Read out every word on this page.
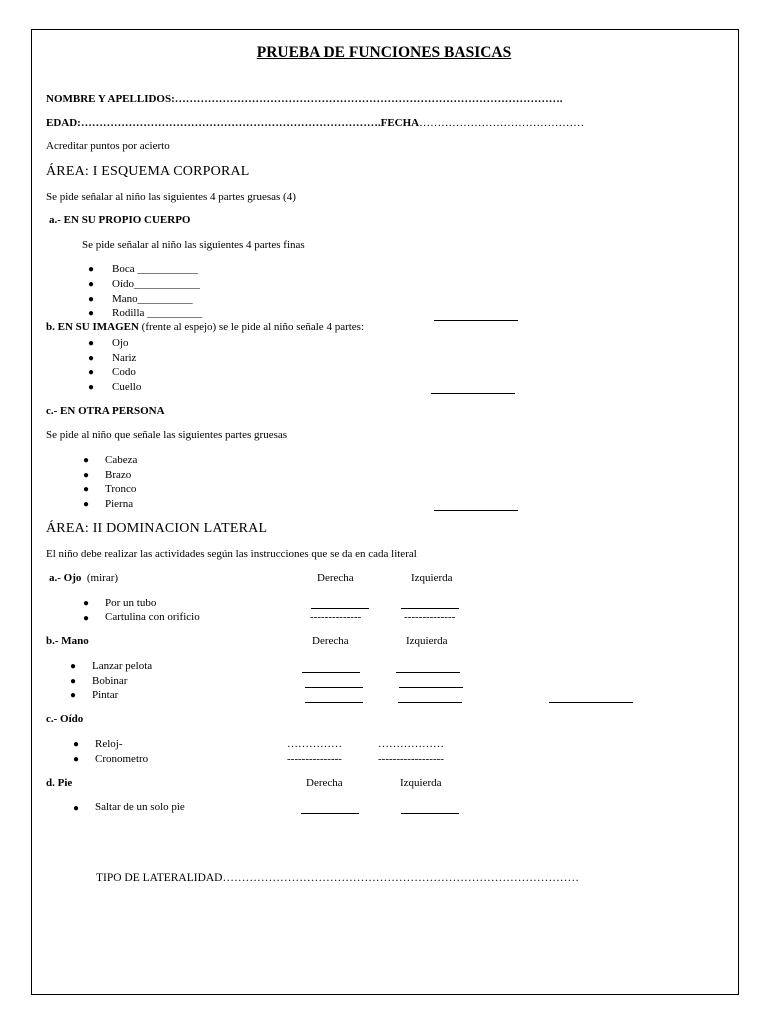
PRUEBA DE FUNCIONES BASICAS
NOMBRE Y APELLIDOS:…………………………………………………………………………………………….
EDAD:……………………………………………………………………….FECHA………………………………………
Acreditar puntos por acierto
ÁREA: I ESQUEMA CORPORAL
Se pide señalar al niño las siguientes 4 partes gruesas (4)
a.- EN SU PROPIO CUERPO
Se pide señalar al niño las siguientes 4 partes finas
● Boca ___________
● Oído____________
● Mano__________
● Rodilla __________
b. EN SU IMAGEN (frente al espejo) se le pide al niño señale 4 partes:
● Ojo
● Nariz
● Codo
● Cuello
c.- EN OTRA PERSONA
Se pide al niño que señale las siguientes partes gruesas
● Cabeza
● Brazo
● Tronco
● Pierna
ÁREA: II DOMINACION LATERAL
El niño debe realizar las actividades según las instrucciones que se da en cada literal
a.- Ojo (mirar)	Derecha	Izquierda
● Por un tubo
● Cartulina con orificio	--------------	--------------
b.- Mano	Derecha	Izquierda
● Lanzar pelota
● Bobinar
● Pintar
c.- Oído
● Reloj-	……………	………………
● Cronometro	---------------	------------------
d. Pie	Derecha	Izquierda
● Saltar de un solo pie
TIPO DE LATERALIDAD…………………………………………………………………………………
